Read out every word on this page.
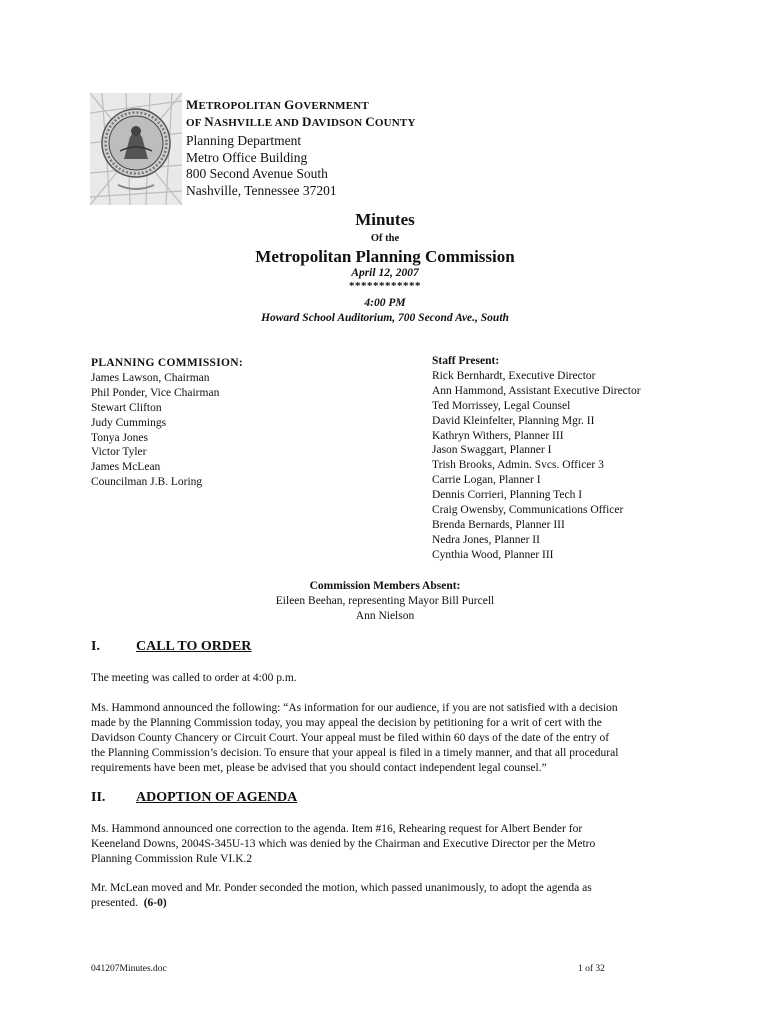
METROPOLITAN GOVERNMENT
OF NASHVILLE AND DAVIDSON COUNTY
Planning Department
Metro Office Building
800 Second Avenue South
Nashville, Tennessee 37201
Minutes
Of the
Metropolitan Planning Commission
April 12, 2007
************
4:00 PM
Howard School Auditorium, 700 Second Ave., South
PLANNING COMMISSION:
James Lawson, Chairman
Phil Ponder, Vice Chairman
Stewart Clifton
Judy Cummings
Tonya Jones
Victor Tyler
James McLean
Councilman J.B. Loring
Staff Present:
Rick Bernhardt, Executive Director
Ann Hammond, Assistant Executive Director
Ted Morrissey, Legal Counsel
David Kleinfelter, Planning Mgr. II
Kathryn Withers, Planner III
Jason Swaggart, Planner I
Trish Brooks, Admin. Svcs. Officer 3
Carrie Logan, Planner I
Dennis Corrieri, Planning Tech I
Craig Owensby, Communications Officer
Brenda Bernards, Planner III
Nedra Jones, Planner II
Cynthia Wood, Planner III
Commission Members Absent:
Eileen Beehan, representing Mayor Bill Purcell
Ann Nielson
I.	CALL TO ORDER
The meeting was called to order at 4:00 p.m.
Ms. Hammond announced the following: “As information for our audience, if you are not satisfied with a decision
made by the Planning Commission today, you may appeal the decision by petitioning for a writ of cert with the
Davidson County Chancery or Circuit Court. Your appeal must be filed within 60 days of the date of the entry of
the Planning Commission’s decision. To ensure that your appeal is filed in a timely manner, and that all procedural
requirements have been met, please be advised that you should contact independent legal counsel.”
II. ADOPTION OF AGENDA
Ms. Hammond announced one correction to the agenda. Item #16, Rehearing request for Albert Bender for
Keeneland Downs, 2004S-345U-13 which was denied by the Chairman and Executive Director per the Metro
Planning Commission Rule VI.K.2
Mr. McLean moved and Mr. Ponder seconded the motion, which passed unanimously, to adopt the agenda as
presented. (6-0)
041207Minutes.doc	1 of 32
